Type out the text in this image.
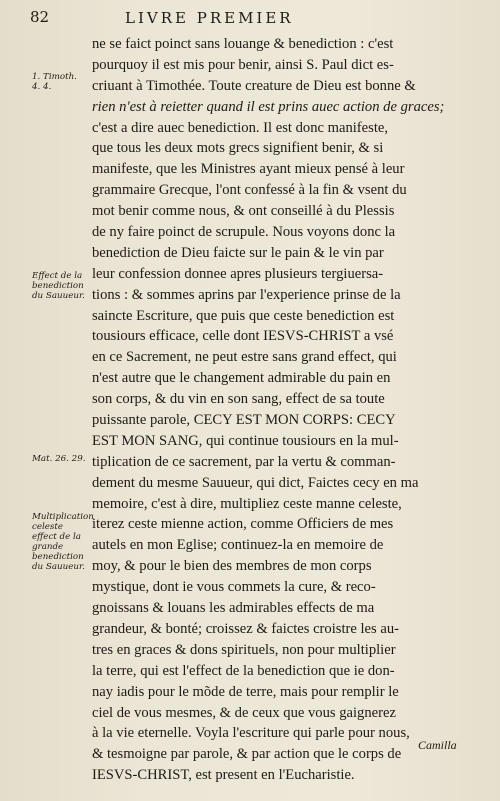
82	LIVRE PREMIER
1. Timoth. 4. 4.
Effect de la benediction du Sauueur.
Mat. 26. 29.
Multiplication celeste effect de la grande benediction du Sauueur.
ne se faict poinct sans louange & benediction : c'est
pourquoy il est mis pour benir, ainsi S. Paul dict es-
criuant à Timothée. Toute creature de Dieu est bonne &
rien n'est à reietter quand il est prins auec action de graces;
c'est a dire auec benediction. Il est donc manifeste,
que tous les deux mots grecs signifient benir, & si
manifeste, que les Ministres ayant mieux pensé à leur
grammaire Grecque, l'ont confessé à la fin & vsent du
mot benir comme nous, & ont conseillé à du Plessis
de ny faire poinct de scrupule. Nous voyons donc la
benediction de Dieu faicte sur le pain & le vin par
leur confession donnee apres plusieurs tergiuersa-
tions : & sommes aprins par l'experience prinse de la
saincte Escriture, que puis que ceste benediction est
tousiours efficace, celle dont IESVS-CHRIST a vsé
en ce Sacrement, ne peut estre sans grand effect, qui
n'est autre que le changement admirable du pain en
son corps, & du vin en son sang, effect de sa toute
puissante parole, CECY EST MON CORPS: CECY
EST MON SANG, qui continue tousiours en la mul-
tiplication de ce sacrement, par la vertu & comman-
dement du mesme Sauueur, qui dict, Faictes cecy en ma
memoire, c'est à dire, multipliez ceste manne celeste,
iterez ceste mienne action, comme Officiers de mes
autels en mon Eglise; continuez-la en memoire de
moy, & pour le bien des membres de mon corps
mystique, dont ie vous commets la cure, & reco-
gnoissans & louans les admirables effects de ma
grandeur, & bonté; croissez & faictes croistre les au-
tres en graces & dons spirituels, non pour multiplier
la terre, qui est l'effect de la benediction que ie don-
nay iadis pour le mõde de terre, mais pour remplir le
ciel de vous mesmes, & de ceux que vous gaignerez
à la vie eternelle. Voyla l'escriture qui parle pour nous,
& tesmoigne par parole, & par action que le corps de
IESVS-CHRIST, est present en l'Eucharistie.
Camilla
